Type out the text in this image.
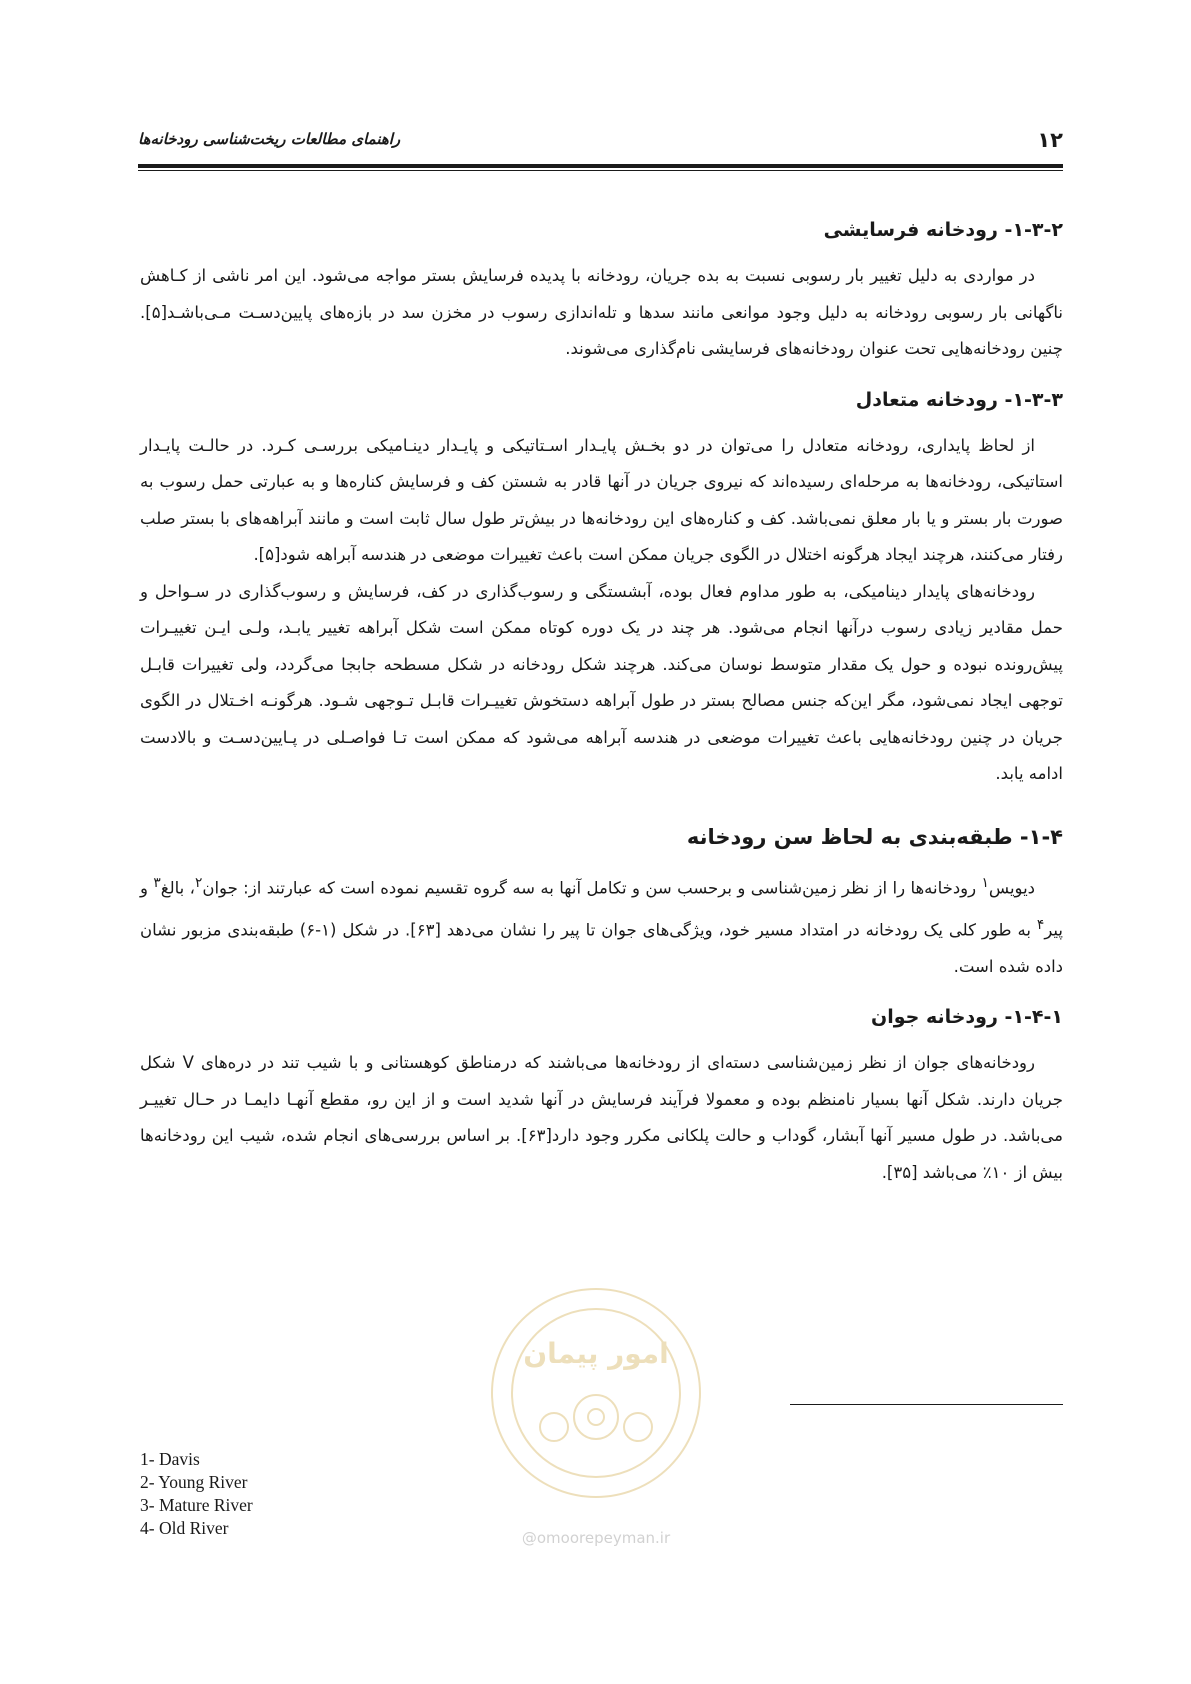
۱۲
راهنمای مطالعات ریخت‌شناسی رودخانه‌ها
۱-۳-۲- رودخانه فرسایشی

در مواردی به دلیل تغییر بار رسوبی نسبت به بده جریان، رودخانه با پدیده فرسایش بستر مواجه می‌شود. این امر ناشی از کـاهش ناگهانی بار رسوبی رودخانه به دلیل وجود موانعی مانند سدها و تله‌اندازی رسوب در مخزن سد در بازه‌های پایین‌دسـت مـی‌باشـد[۵]. چنین رودخانه‌هایی تحت عنوان رودخانه‌های فرسایشی نام‌گذاری می‌شوند.

۱-۳-۳- رودخانه متعادل

از لحاظ پایداری، رودخانه متعادل را می‌توان در دو بخـش پایـدار اسـتاتیکی و پایـدار دینـامیکی بررسـی کـرد. در حالـت پایـدار استاتیکی، رودخانه‌ها به مرحله‌ای رسیده‌اند که نیروی جریان در آنها قادر به شستن کف و فرسایش کناره‌ها و به عبارتی حمل رسوب به صورت بار بستر و یا بار معلق نمی‌باشد. کف و کناره‌های این رودخانه‌ها در بیش‌تر طول سال ثابت است و مانند آبراهه‌های با بستر صلب رفتار می‌کنند، هرچند ایجاد هرگونه اختلال در الگوی جریان ممکن است باعث تغییرات موضعی در هندسه آبراهه شود[۵].

رودخانه‌های پایدار دینامیکی، به طور مداوم فعال بوده، آبشستگی و رسوب‌گذاری در کف، فرسایش و رسوب‌گذاری در سـواحل و حمل مقادیر زیادی رسوب درآنها انجام می‌شود. هر چند در یک دوره کوتاه ممکن است شکل آبراهه تغییر یابـد، ولـی ایـن تغییـرات پیش‌رونده نبوده و حول یک مقدار متوسط نوسان می‌کند. هرچند شکل رودخانه در شکل مسطحه جابجا می‌گردد، ولی تغییرات قابـل توجهی ایجاد نمی‌شود، مگر این‌که جنس مصالح بستر در طول آبراهه دستخوش تغییـرات قابـل تـوجهی شـود. هرگونـه اخـتلال در الگوی جریان در چنین رودخانه‌هایی باعث تغییرات موضعی در هندسه آبراهه می‌شود که ممکن است تـا فواصـلی در پـایین‌دسـت و بالادست ادامه یابد.

۱-۴- طبقه‌بندی به لحاظ سن رودخانه

دیویس$^۱$ رودخانه‌ها را از نظر زمین‌شناسی و برحسب سن و تکامل آنها به سه گروه تقسیم نموده است که عبارتند از: جوان$^۲$، بالغ$^۳$ و پیر$^۴$ به طور کلی یک رودخانه در امتداد مسیر خود، ویژگی‌های جوان تا پیر را نشان می‌دهد [۶۳]. در شکل (۱-۶) طبقه‌بندی مزبور نشان داده شده است.

۱-۴-۱- رودخانه جوان

رودخانه‌های جوان از نظر زمین‌شناسی دسته‌ای از رودخانه‌ها می‌باشند که درمناطق کوهستانی و با شیب تند در دره‌های V شکل جریان دارند. شکل آنها بسیار نامنظم بوده و معمولا فرآیند فرسایش در آنها شدید است و از این رو، مقطع آنهـا دایمـا در حـال تغییـر می‌باشد. در طول مسیر آنها آبشار، گوداب و حالت پلکانی مکرر وجود دارد[۶۳]. بر اساس بررسی‌های انجام شده، شیب این رودخانه‌ها بیش از ۱۰٪ می‌باشد [۳۵].

1- Davis
2- Young River
3- Mature River
4- Old River
امور پیمان
@omoorepeyman.ir
